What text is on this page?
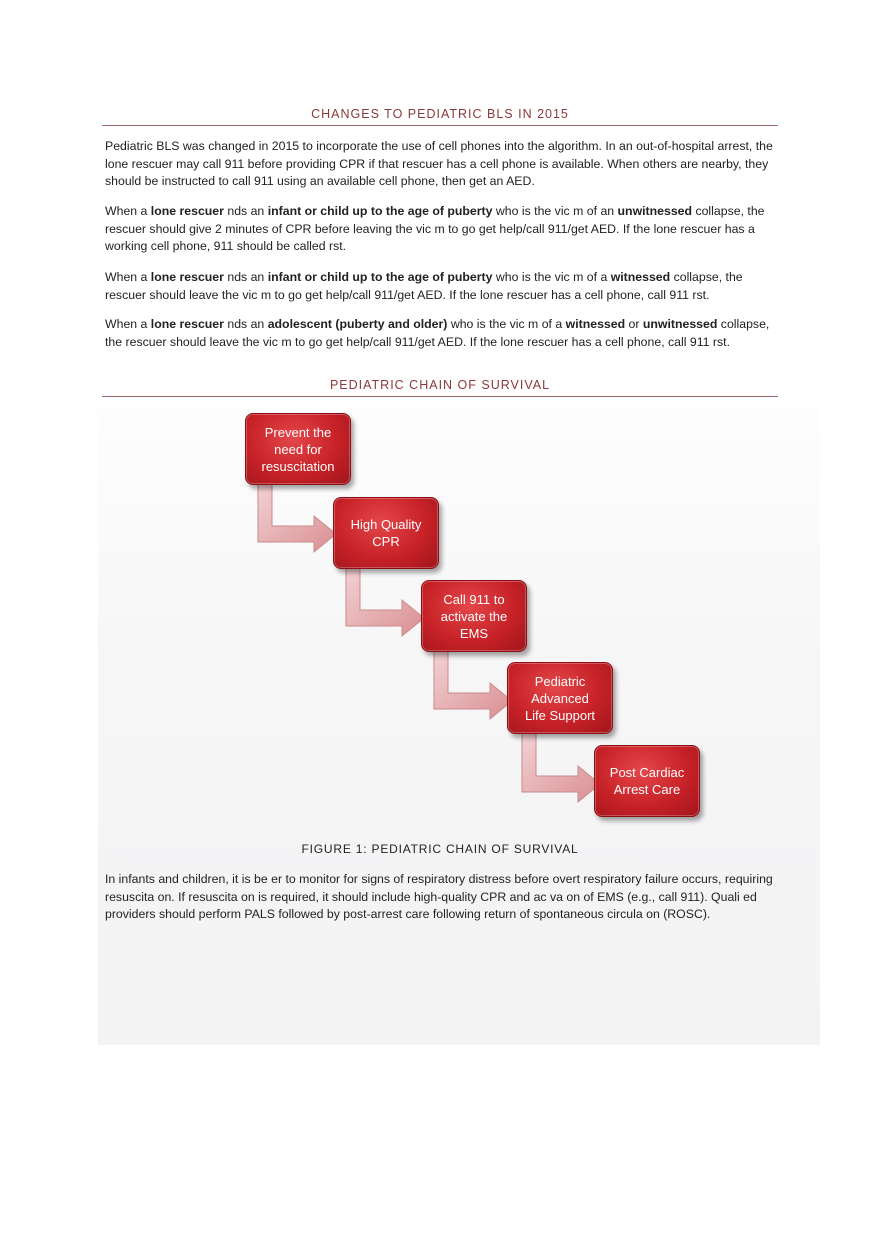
CHANGES TO PEDIATRIC BLS IN 2015
Pediatric BLS was changed in 2015 to incorporate the use of cell phones into the algorithm. In an out-of-hospital arrest, the lone rescuer may call 911 before providing CPR if that rescuer has a cell phone is available. When others are nearby, they should be instructed to call 911 using an available cell phone, then get an AED.
When a lone rescuer nds an infant or child up to the age of puberty who is the vic m of an unwitnessed collapse, the rescuer should give 2 minutes of CPR before leaving the vic m to go get help/call 911/get AED. If the lone rescuer has a working cell phone, 911 should be called rst.
When a lone rescuer nds an infant or child up to the age of puberty who is the vic m of a witnessed collapse, the rescuer should leave the vic m to go get help/call 911/get AED. If the lone rescuer has a cell phone, call 911 rst.
When a lone rescuer nds an adolescent (puberty and older) who is the vic m of a witnessed or unwitnessed collapse, the rescuer should leave the vic m to go get help/call 911/get AED. If the lone rescuer has a cell phone, call 911 rst.
PEDIATRIC CHAIN OF SURVIVAL
Prevent the
need for
resuscitation
High Quality
CPR
Call 911 to
activate the
EMS
Pediatric
Advanced
Life Support
Post Cardiac
Arrest Care
FIGURE 1: PEDIATRIC CHAIN OF SURVIVAL
In infants and children, it is be er to monitor for signs of respiratory distress before overt respiratory failure occurs, requiring resuscita on. If resuscita on is required, it should include high-quality CPR and ac va on of EMS (e.g., call 911). Quali ed providers should perform PALS followed by post-arrest care following return of spontaneous circula on (ROSC).
